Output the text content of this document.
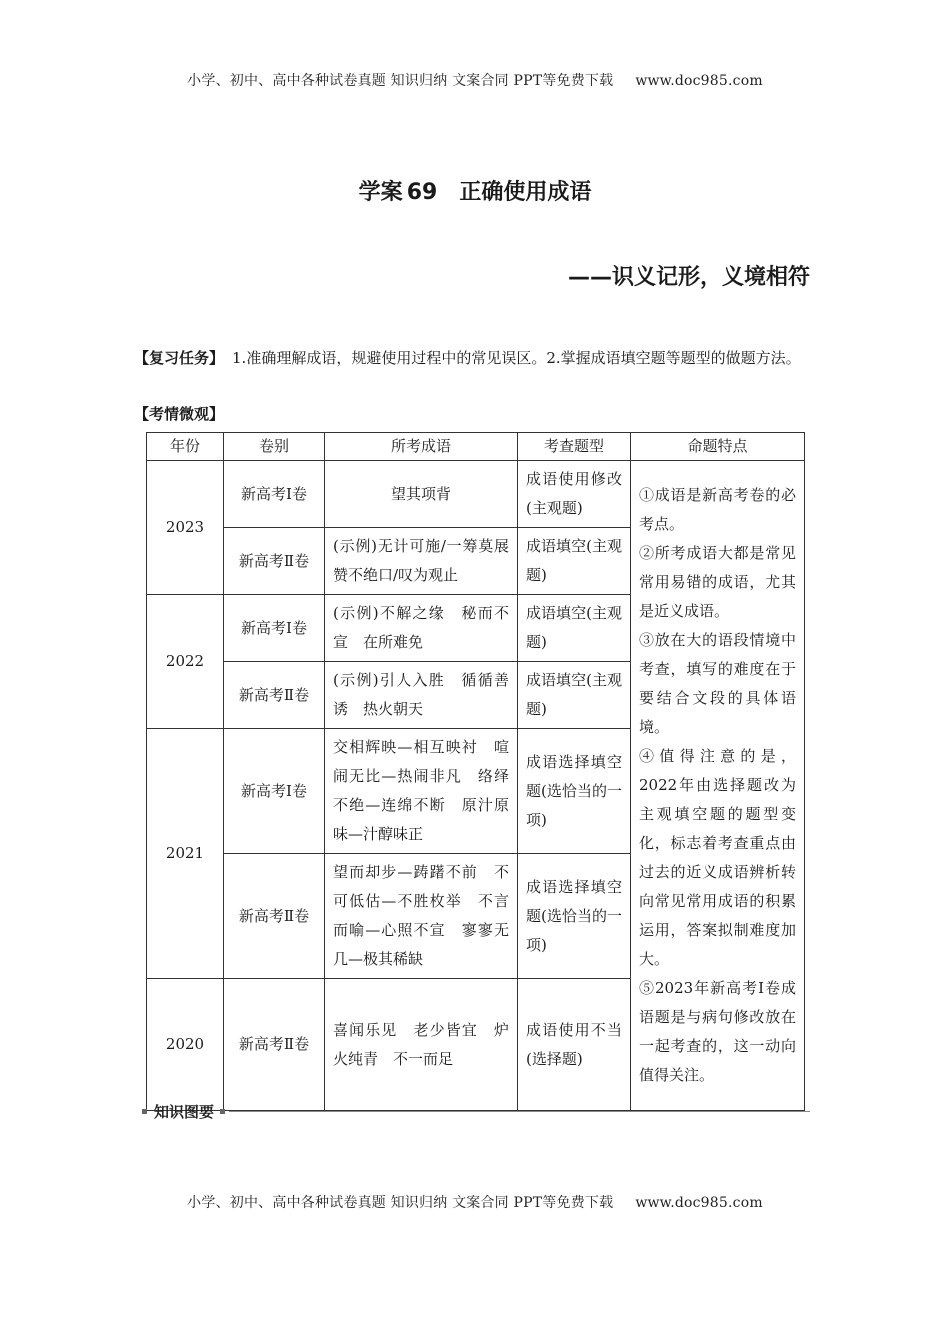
小学、初中、高中各种试卷真题 知识归纳 文案合同 PPT等免费下载 www.doc985.com
学案 69 正确使用成语
——识义记形，义境相符
【复习任务】 1.准确理解成语，规避使用过程中的常见误区。2.掌握成语填空题等题型的做题方法。
【考情微观】
年份	卷别	所考成语	考查题型	命题特点
2023	新高考Ⅰ卷	望其项背	成语使用修改(主观题)	①成语是新高考卷的必考点。
②所考成语大都是常见常用易错的成语，尤其是近义成语。
③放在大的语段情境中考查，填写的难度在于要结合文段的具体语境。
④值得注意的是，2022年由选择题改为主观填空题的题型变化，标志着考查重点由过去的近义成语辨析转向常见常用成语的积累运用，答案拟制难度加大。
⑤2023年新高考Ⅰ卷成语题是与病句修改放在一起考查的，这一动向值得关注。

	新高考Ⅱ卷	(示例)无计可施/一筹莫展　赞不绝口/叹为观止	成语填空(主观题)	
2022	新高考Ⅰ卷	(示例)不解之缘　秘而不宣　在所难免	成语填空(主观题)	
	新高考Ⅱ卷	(示例)引人入胜　循循善诱　热火朝天	成语填空(主观题)	
2021	新高考Ⅰ卷	交相辉映—相互映衬　喧闹无比—热闹非凡　络绎不绝—连绵不断　原汁原味—汁醇味正	成语选择填空题(选恰当的一项)	
	新高考Ⅱ卷	望而却步—踌躇不前　不可低估—不胜枚举　不言而喻—心照不宣　寥寥无几—极其稀缺	成语选择填空题(选恰当的一项)	
2020	新高考Ⅱ卷	喜闻乐见　老少皆宜　炉火纯青　不一而足	成语使用不当(选择题)	
知识图要
小学、初中、高中各种试卷真题 知识归纳 文案合同 PPT等免费下载 www.doc985.com
